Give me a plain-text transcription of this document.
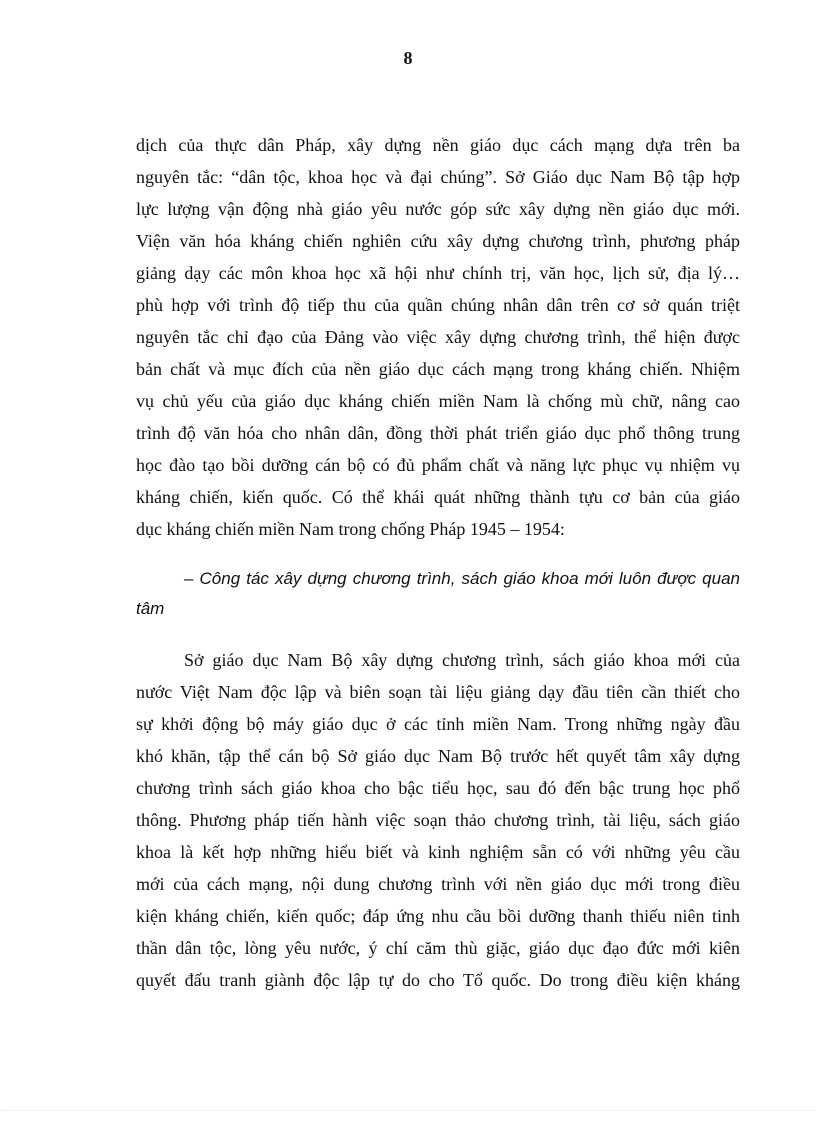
8
dịch của thực dân Pháp, xây dựng nền giáo dục cách mạng dựa trên ba
nguyên tắc: “dân tộc, khoa học và đại chúng”. Sở Giáo dục Nam Bộ tập hợp
lực lượng vận động nhà giáo yêu nước góp sức xây dựng nền giáo dục mới.
Viện văn hóa kháng chiến nghiên cứu xây dựng chương trình, phương pháp
giảng dạy các môn khoa học xã hội như chính trị, văn học, lịch sử, địa lý…
phù hợp với trình độ tiếp thu của quần chúng nhân dân trên cơ sở quán triệt
nguyên tắc chỉ đạo của Đảng vào việc xây dựng chương trình, thể hiện được
bản chất và mục đích của nền giáo dục cách mạng trong kháng chiến. Nhiệm
vụ chủ yếu của giáo dục kháng chiến miền Nam là chống mù chữ, nâng cao
trình độ văn hóa cho nhân dân, đồng thời phát triển giáo dục phổ thông trung
học đào tạo bồi dưỡng cán bộ có đủ phẩm chất và năng lực phục vụ nhiệm vụ
kháng chiến, kiến quốc. Có thể khái quát những thành tựu cơ bản của giáo
dục kháng chiến miền Nam trong chống Pháp 1945 – 1954:
– Công tác xây dựng chương trình, sách giáo khoa mới luôn được quan
tâm
Sở giáo dục Nam Bộ xây dựng chương trình, sách giáo khoa mới của
nước Việt Nam độc lập và biên soạn tài liệu giảng dạy đầu tiên cần thiết cho
sự khởi động bộ máy giáo dục ở các tỉnh miền Nam. Trong những ngày đầu
khó khăn, tập thể cán bộ Sở giáo dục Nam Bộ trước hết quyết tâm xây dựng
chương trình sách giáo khoa cho bậc tiểu học, sau đó đến bậc trung học phổ
thông. Phương pháp tiến hành việc soạn thảo chương trình, tài liệu, sách giáo
khoa là kết hợp những hiểu biết và kinh nghiệm sẵn có với những yêu cầu
mới của cách mạng, nội dung chương trình với nền giáo dục mới trong điều
kiện kháng chiến, kiến quốc; đáp ứng nhu cầu bồi dưỡng thanh thiếu niên tinh
thần dân tộc, lòng yêu nước, ý chí căm thù giặc, giáo dục đạo đức mới kiên
quyết đấu tranh giành độc lập tự do cho Tổ quốc. Do trong điều kiện kháng
